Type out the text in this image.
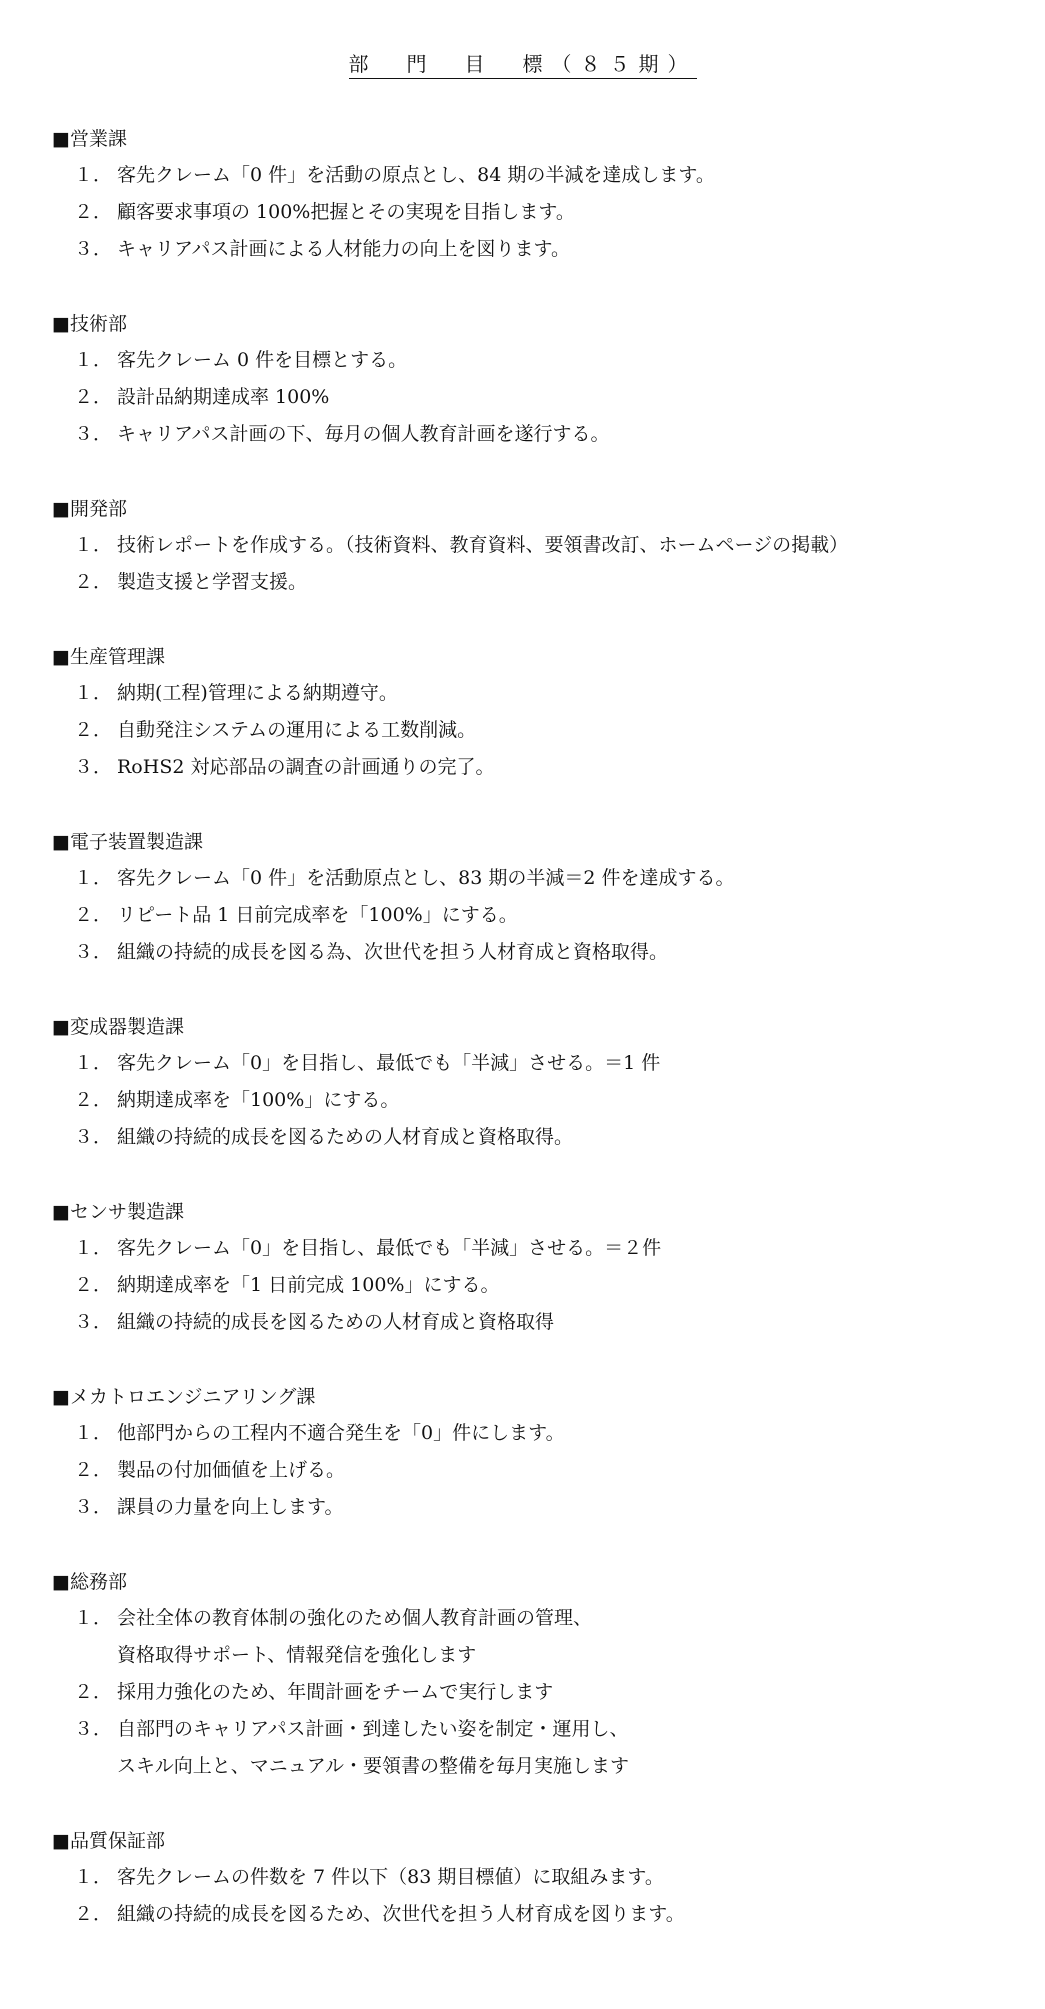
部　門　目　標（８５期）

■営業課

１． 客先クレーム「0 件」を活動の原点とし、84 期の半減を達成します。
２． 顧客要求事項の 100%把握とその実現を目指します。
３． キャリアパス計画による人材能力の向上を図ります。

■技術部

１． 客先クレーム 0 件を目標とする。
２． 設計品納期達成率 100%
３． キャリアパス計画の下、毎月の個人教育計画を遂行する。

■開発部

１． 技術レポートを作成する。（技術資料、教育資料、要領書改訂、ホームページの掲載）
２． 製造支援と学習支援。

■生産管理課

１． 納期(工程)管理による納期遵守。
２． 自動発注システムの運用による工数削減。
３． RoHS2 対応部品の調査の計画通りの完了。

■電子装置製造課

１． 客先クレーム「0 件」を活動原点とし、83 期の半減＝2 件を達成する。
２． リピート品 1 日前完成率を「100%」にする。
３． 組織の持続的成長を図る為、次世代を担う人材育成と資格取得。

■変成器製造課

１． 客先クレーム「0」を目指し、最低でも「半減」させる。＝1 件
２． 納期達成率を「100%」にする。
３． 組織の持続的成長を図るための人材育成と資格取得。

■センサ製造課

１． 客先クレーム「0」を目指し、最低でも「半減」させる。＝２件
２． 納期達成率を「1 日前完成 100%」にする。
３． 組織の持続的成長を図るための人材育成と資格取得

■メカトロエンジニアリング課

１． 他部門からの工程内不適合発生を「0」件にします。
２． 製品の付加価値を上げる。
３． 課員の力量を向上します。

■総務部

１． 会社全体の教育体制の強化のため個人教育計画の管理、
資格取得サポート、情報発信を強化します
２． 採用力強化のため、年間計画をチームで実行します
３． 自部門のキャリアパス計画・到達したい姿を制定・運用し、
スキル向上と、マニュアル・要領書の整備を毎月実施します

■品質保証部

１． 客先クレームの件数を 7 件以下（83 期目標値）に取組みます。
２． 組織の持続的成長を図るため、次世代を担う人材育成を図ります。
